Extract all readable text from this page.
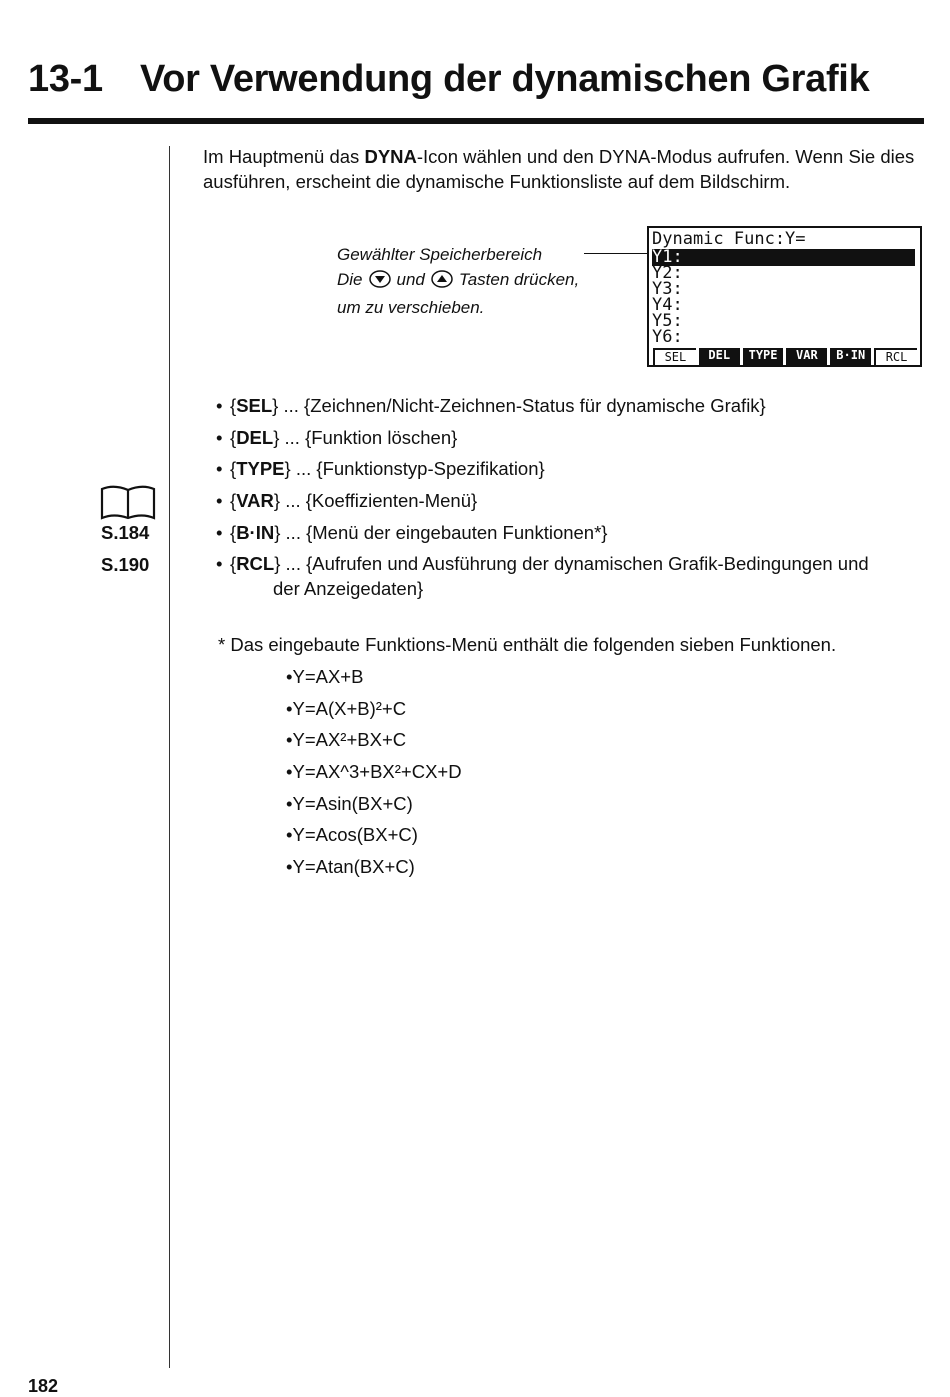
13-1 Vor Verwendung der dynamischen Grafik

Im Hauptmenü das DYNA-Icon wählen und den DYNA-Modus aufrufen. Wenn Sie dies ausführen, erscheint die dynamische Funktionsliste auf dem Bildschirm.

Gewählter Speicherbereich
Die und Tasten drücken,
um zu verschieben.
Dynamic Func:Y=
Y1:
Y2:
Y3:
Y4:
Y5:
Y6:
SEL	DEL	TYPE	VAR	B·IN	RCL
• {SEL} ... {Zeichnen/Nicht-Zeichnen-Status für dynamische Grafik}
• {DEL} ... {Funktion löschen}
• {TYPE} ... {Funktionstyp-Spezifikation}
• {VAR} ... {Koeffizienten-Menü}
• {B·IN} ... {Menü der eingebauten Funktionen*}
• {RCL} ... {Aufrufen und Ausführung der dynamischen Grafik-Bedingungen und
der Anzeigedaten}
S.184
S.190
* Das eingebaute Funktions-Menü enthält die folgenden sieben Funktionen.
•Y=AX+B
•Y=A(X+B)²+C
•Y=AX²+BX+C
•Y=AX^3+BX²+CX+D
•Y=Asin(BX+C)
•Y=Acos(BX+C)
•Y=Atan(BX+C)
182
